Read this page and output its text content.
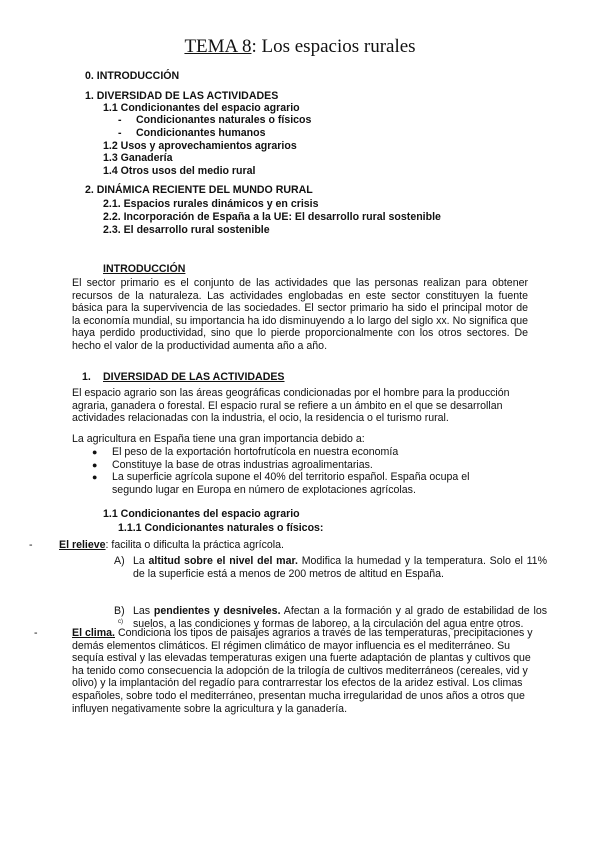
TEMA 8: Los espacios rurales
0. INTRODUCCIÓN
1. DIVERSIDAD DE LAS ACTIVIDADES
1.1 Condicionantes del espacio agrario
- Condicionantes naturales o físicos
- Condicionantes humanos
1.2 Usos y aprovechamientos agrarios
1.3 Ganadería
1.4 Otros usos del medio rural
2. DINÁMICA RECIENTE DEL MUNDO RURAL
2.1. Espacios rurales dinámicos y en crisis
2.2. Incorporación de España a la UE: El desarrollo rural sostenible
2.3. El desarrollo rural sostenible
INTRODUCCIÓN
El sector primario es el conjunto de las actividades que las personas realizan para obtener recursos de la naturaleza. Las actividades englobadas en este sector constituyen la fuente básica para la supervivencia de las sociedades. El sector primario ha sido el principal motor de la economía mundial, su importancia ha ido disminuyendo a lo largo del siglo xx. No significa que haya perdido productividad, sino que lo pierde proporcionalmente con los otros sectores. De hecho el valor de la productividad aumenta año a año.
1. DIVERSIDAD DE LAS ACTIVIDADES
El espacio agrario son las áreas geográficas condicionadas por el hombre para la producción agraria, ganadera o forestal. El espacio rural se refiere a un ámbito en el que se desarrollan actividades relacionadas con la industria, el ocio, la residencia o el turismo rural.
La agricultura en España tiene una gran importancia debido a:
● El peso de la exportación hortofrutícola en nuestra economía
● Constituye la base de otras industrias agroalimentarias.
● La superficie agrícola supone el 40% del territorio español. España ocupa el segundo lugar en Europa en número de explotaciones agrícolas.
1.1 Condicionantes del espacio agrario
1.1.1 Condicionantes naturales o físicos:
- El relieve: facilita o dificulta la práctica agrícola.
A) La altitud sobre el nivel del mar. Modifica la humedad y la temperatura. Solo el 11% de la superficie está a menos de 200 metros de altitud en España.
B) Las pendientes y desniveles. Afectan a la formación y al grado de estabilidad de los suelos, a las condiciones y formas de laboreo, a la circulación del agua entre otros.
c)
-	El clima. Condiciona los tipos de paisajes agrarios a través de las temperaturas, precipitaciones y demás elementos climáticos. El régimen climático de mayor influencia es el mediterráneo. Su sequía estival y las elevadas temperaturas exigen una fuerte adaptación de plantas y cultivos que ha tenido como consecuencia la adopción de la trilogía de cultivos mediterráneos (cereales, vid y olivo) y la implantación del regadío para contrarrestar los efectos de la aridez estival. Los climas españoles, sobre todo el mediterráneo, presentan mucha irregularidad de unos años a otros que influyen negativamente sobre la agricultura y la ganadería.
